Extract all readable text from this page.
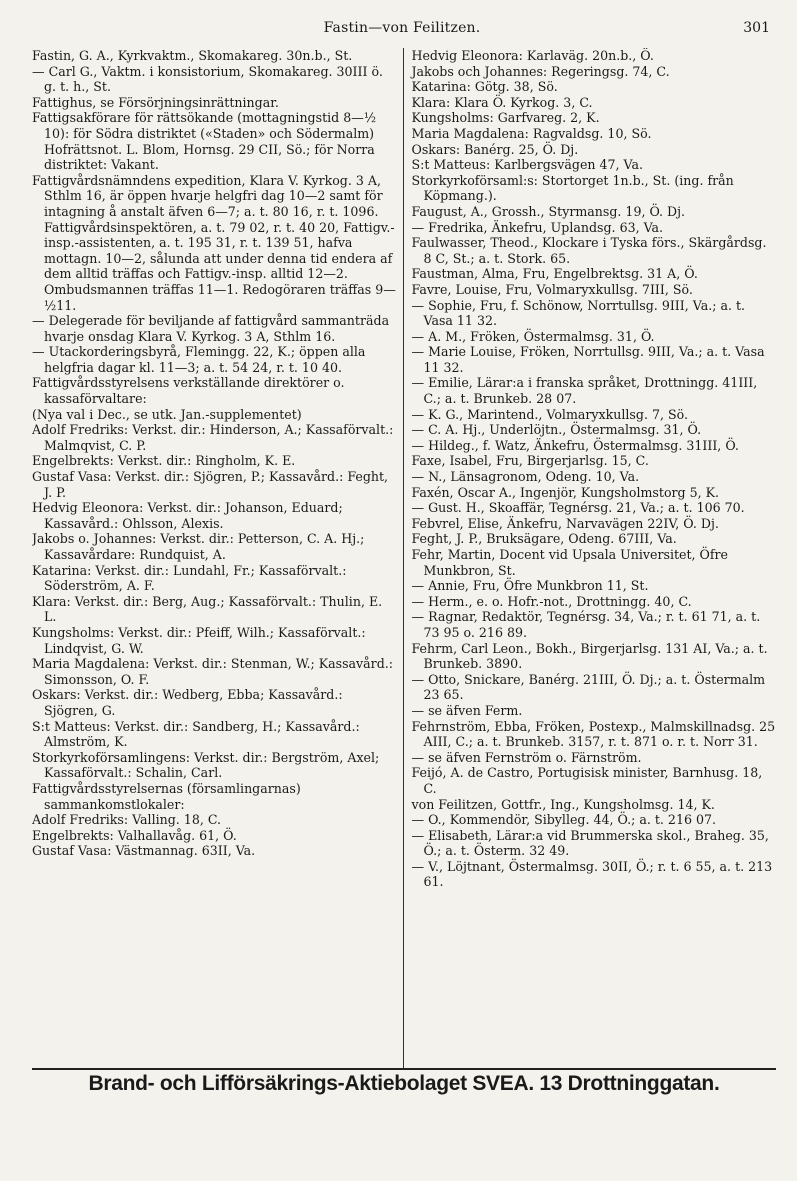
Fastin—von Feilitzen.	301

Fastin, G. A., Kyrkvaktm., Skomakareg. 30n.b., St.

— Carl G., Vaktm. i konsistorium, Skomakareg. 30III ö. g. t. h., St.

Fattighus, se Försörjningsinrättningar.

Fattigsakförare för rättsökande (mottagningstid 8—½ 10): för Södra distriktet («Staden» och Södermalm) Hofrättsnot. L. Blom, Hornsg. 29 CII, Sö.; för Norra distriktet: Vakant.

Fattigvårdsnämndens expedition, Klara V. Kyrkog. 3 A, Sthlm 16, är öppen hvarje helgfri dag 10—2 samt för intagning å anstalt äfven 6—7; a. t. 80 16, r. t. 1096. Fattigvårdsinspektören, a. t. 79 02, r. t. 40 20, Fattigv.-insp.-assistenten, a. t. 195 31, r. t. 139 51, hafva mottagn. 10—2, sålunda att under denna tid endera af dem alltid träffas och Fattigv.-insp. alltid 12—2. Ombudsmannen träffas 11—1. Redogöraren träffas 9—½11.

— Delegerade för beviljande af fattigvård sammanträda hvarje onsdag Klara V. Kyrkog. 3 A, Sthlm 16.

— Utackorderingsbyrå, Flemingg. 22, K.; öppen alla helgfria dagar kl. 11—3; a. t. 54 24, r. t. 10 40.

Fattigvårdsstyrelsens verkställande direktörer o. kassaförvaltare:

(Nya val i Dec., se utk. Jan.-supplementet)

Adolf Fredriks: Verkst. dir.: Hinderson, A.; Kassaförvalt.: Malmqvist, C. P.

Engelbrekts: Verkst. dir.: Ringholm, K. E.

Gustaf Vasa: Verkst. dir.: Sjögren, P.; Kassavård.: Feght, J. P.

Hedvig Eleonora: Verkst. dir.: Johanson, Eduard; Kassavård.: Ohlsson, Alexis.

Jakobs o. Johannes: Verkst. dir.: Petterson, C. A. Hj.; Kassavårdare: Rundquist, A.

Katarina: Verkst. dir.: Lundahl, Fr.; Kassaförvalt.: Söderström, A. F.

Klara: Verkst. dir.: Berg, Aug.; Kassaförvalt.: Thulin, E. L.

Kungsholms: Verkst. dir.: Pfeiff, Wilh.; Kassaförvalt.: Lindqvist, G. W.

Maria Magdalena: Verkst. dir.: Stenman, W.; Kassavård.: Simonsson, O. F.

Oskars: Verkst. dir.: Wedberg, Ebba; Kassavård.: Sjögren, G.

S:t Matteus: Verkst. dir.: Sandberg, H.; Kassavård.: Almström, K.

Storkyrkoförsamlingens: Verkst. dir.: Bergström, Axel; Kassaförvalt.: Schalin, Carl.

Fattigvårdsstyrelsernas (församlingarnas) sammankomstlokaler:

Adolf Fredriks: Valling. 18, C.

Engelbrekts: Valhallavåg. 61, Ö.

Gustaf Vasa: Västmannag. 63II, Va.

Hedvig Eleonora: Karlaväg. 20n.b., Ö.

Jakobs och Johannes: Regeringsg. 74, C.

Katarina: Götg. 38, Sö.

Klara: Klara Ö. Kyrkog. 3, C.

Kungsholms: Garfvareg. 2, K.

Maria Magdalena: Ragvaldsg. 10, Sö.

Oskars: Banérg. 25, Ö. Dj.

S:t Matteus: Karlbergsvägen 47, Va.

Storkyrkoförsaml:s: Stortorget 1n.b., St. (ing. från Köpmang.).

Faugust, A., Grossh., Styrmansg. 19, Ö. Dj.

— Fredrika, Änkefru, Uplandsg. 63, Va.

Faulwasser, Theod., Klockare i Tyska förs., Skärgårdsg. 8 C, St.; a. t. Stork. 65.

Faustman, Alma, Fru, Engelbrektsg. 31 A, Ö.

Favre, Louise, Fru, Volmaryxkullsg. 7III, Sö.

— Sophie, Fru, f. Schönow, Norrtullsg. 9III, Va.; a. t. Vasa 11 32.

— A. M., Fröken, Östermalmsg. 31, Ö.

— Marie Louise, Fröken, Norrtullsg. 9III, Va.; a. t. Vasa 11 32.

— Emilie, Lärar:a i franska språket, Drottningg. 41III, C.; a. t. Brunkeb. 28 07.

— K. G., Marintend., Volmaryxkullsg. 7, Sö.

— C. A. Hj., Underlöjtn., Östermalmsg. 31, Ö.

— Hildeg., f. Watz, Änkefru, Östermalmsg. 31III, Ö.

Faxe, Isabel, Fru, Birgerjarlsg. 15, C.

— N., Länsagronom, Odeng. 10, Va.

Faxén, Oscar A., Ingenjör, Kungsholmstorg 5, K.

— Gust. H., Skoaffär, Tegnérsg. 21, Va.; a. t. 106 70.

Febvrel, Elise, Änkefru, Narvavägen 22IV, Ö. Dj.

Feght, J. P., Bruksägare, Odeng. 67III, Va.

Fehr, Martin, Docent vid Upsala Universitet, Öfre Munkbron, St.

— Annie, Fru, Öfre Munkbron 11, St.

— Herm., e. o. Hofr.-not., Drottningg. 40, C.

— Ragnar, Redaktör, Tegnérsg. 34, Va.; r. t. 61 71, a. t. 73 95 o. 216 89.

Fehrm, Carl Leon., Bokh., Birgerjarlsg. 131 AI, Va.; a. t. Brunkeb. 3890.

— Otto, Snickare, Banérg. 21III, Ö. Dj.; a. t. Östermalm 23 65.

— se äfven Ferm.

Fehrnström, Ebba, Fröken, Postexp., Malmskillnadsg. 25 AIII, C.; a. t. Brunkeb. 3157, r. t. 871 o. r. t. Norr 31.

— se äfven Fernström o. Färnström.

Feijó, A. de Castro, Portugisisk minister, Barnhusg. 18, C.

von Feilitzen, Gottfr., Ing., Kungsholmsg. 14, K.

— O., Kommendör, Sibylleg. 44, Ö.; a. t. 216 07.

— Elisabeth, Lärar:a vid Brummerska skol., Braheg. 35, Ö.; a. t. Österm. 32 49.

— V., Löjtnant, Östermalmsg. 30II, Ö.; r. t. 6 55, a. t. 213 61.

Brand- och Lifförsäkrings-Aktiebolaget SVEA. 13 Drottninggatan.
